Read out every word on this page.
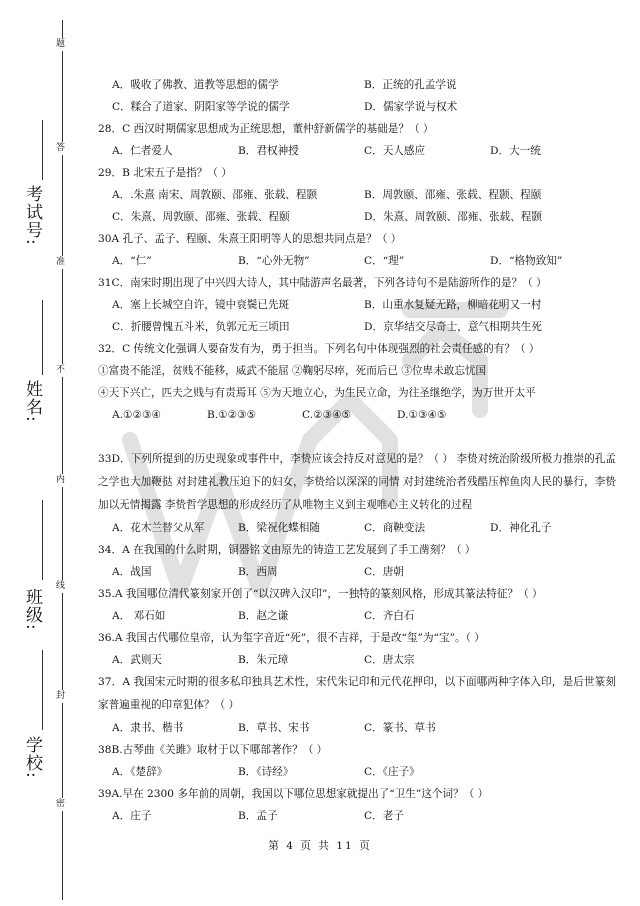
题
答
准
不
内
线
封
密
考试号:
姓名:
班级:
学校:
A．吸收了佛教、道教等思想的儒学	B．正统的孔孟学说
C．糅合了道家、阴阳家等学说的儒学	D．儒家学说与权术
28．C 西汉时期儒家思想成为正统思想，董仲舒新儒学的基础是？（ ）
A．仁者爱人	B．君权神授	C．天人感应	D．大一统
29．B 北宋五子是指？（ ）
A．.朱熹 南宋、周敦颐、邵雍、张载、程颢	B．周敦颐、邵雍、张载、程颢、程颐
C．朱熹、周敦颐、邵雍、张载、程颐	D．朱熹、周敦颐、邵雍、张载、程颢
30A 孔子、孟子、程颐、朱熹王阳明等人的思想共同点是？（ ）
A．“仁”	B．“心外无物”	C．“理”	D．“格物致知”
31C．南宋时期出现了中兴四大诗人，其中陆游声名最著，下列各诗句不是陆游所作的是？（ ）
A．塞上长城空自许，镜中衰鬓已先斑	B．山重水复疑无路，柳暗花明又一村
C．折腰曾愧五斗米，负郭元无三顷田	D．京华结交尽奇士，意气相期共生死
32．C 传统文化强调人要奋发有为，勇于担当。下列名句中体现强烈的社会责任感的有？（ ）
①富贵不能淫，贫贱不能移，威武不能屈 ②鞠躬尽瘁，死而后已 ③位卑未敢忘忧国
④天下兴亡，匹夫之贱与有责焉耳 ⑤为天地立心，为生民立命，为往圣继绝学，为万世开太平
A.①②③④	B.①②③⑤	C.②③④⑤	D.①③④⑤
33D．下列所提到的历史现象或事件中，李贽应该会持反对意见的是？（ ） 李贽对统治阶级所极力推崇的孔孟之学也大加鞭挞 对封建礼教压迫下的妇女，李贽给以深深的同情 对封建统治者残酷压榨鱼肉人民的暴行，李贽加以无情揭露 李贽哲学思想的形成经历了从唯物主义到主观唯心主义转化的过程
A．花木兰替父从军	B．梁祝化蝶相随	C．商鞅变法	D．神化孔子
34．A 在我国的什么时期，铜器铭文由原先的铸造工艺发展到了手工凿刻？（ ）
A．战国	B．西周	C．唐朝
35.A 我国哪位清代篆刻家开创了“以汉碑入汉印”，一独特的篆刻风格，形成其篆法特征？（ ）
A． 邓石如	B．赵之谦	C．齐白石
36.A 我国古代哪位皇帝，认为玺字音近“死”，很不吉祥，于是改“玺”为“宝”。（ ）
A．武则天	B．朱元璋	C．唐太宗
37．A 我国宋元时期的很多私印独具艺术性，宋代朱记印和元代花押印，以下面哪两种字体入印，是后世篆刻家普遍重视的印章犯体？（ ）
A．隶书、楷书	B．草书、宋书	C．篆书、草书
38B.古琴曲《关雎》取材于以下哪部著作？（ ）
A．《楚辞》	B．《诗经》	C．《庄子》
39A.早在 2300 多年前的周朝，我国以下哪位思想家就提出了“卫生”这个词？（ ）
A．庄子	B．孟子	C．老子
第 4 页 共 11 页
